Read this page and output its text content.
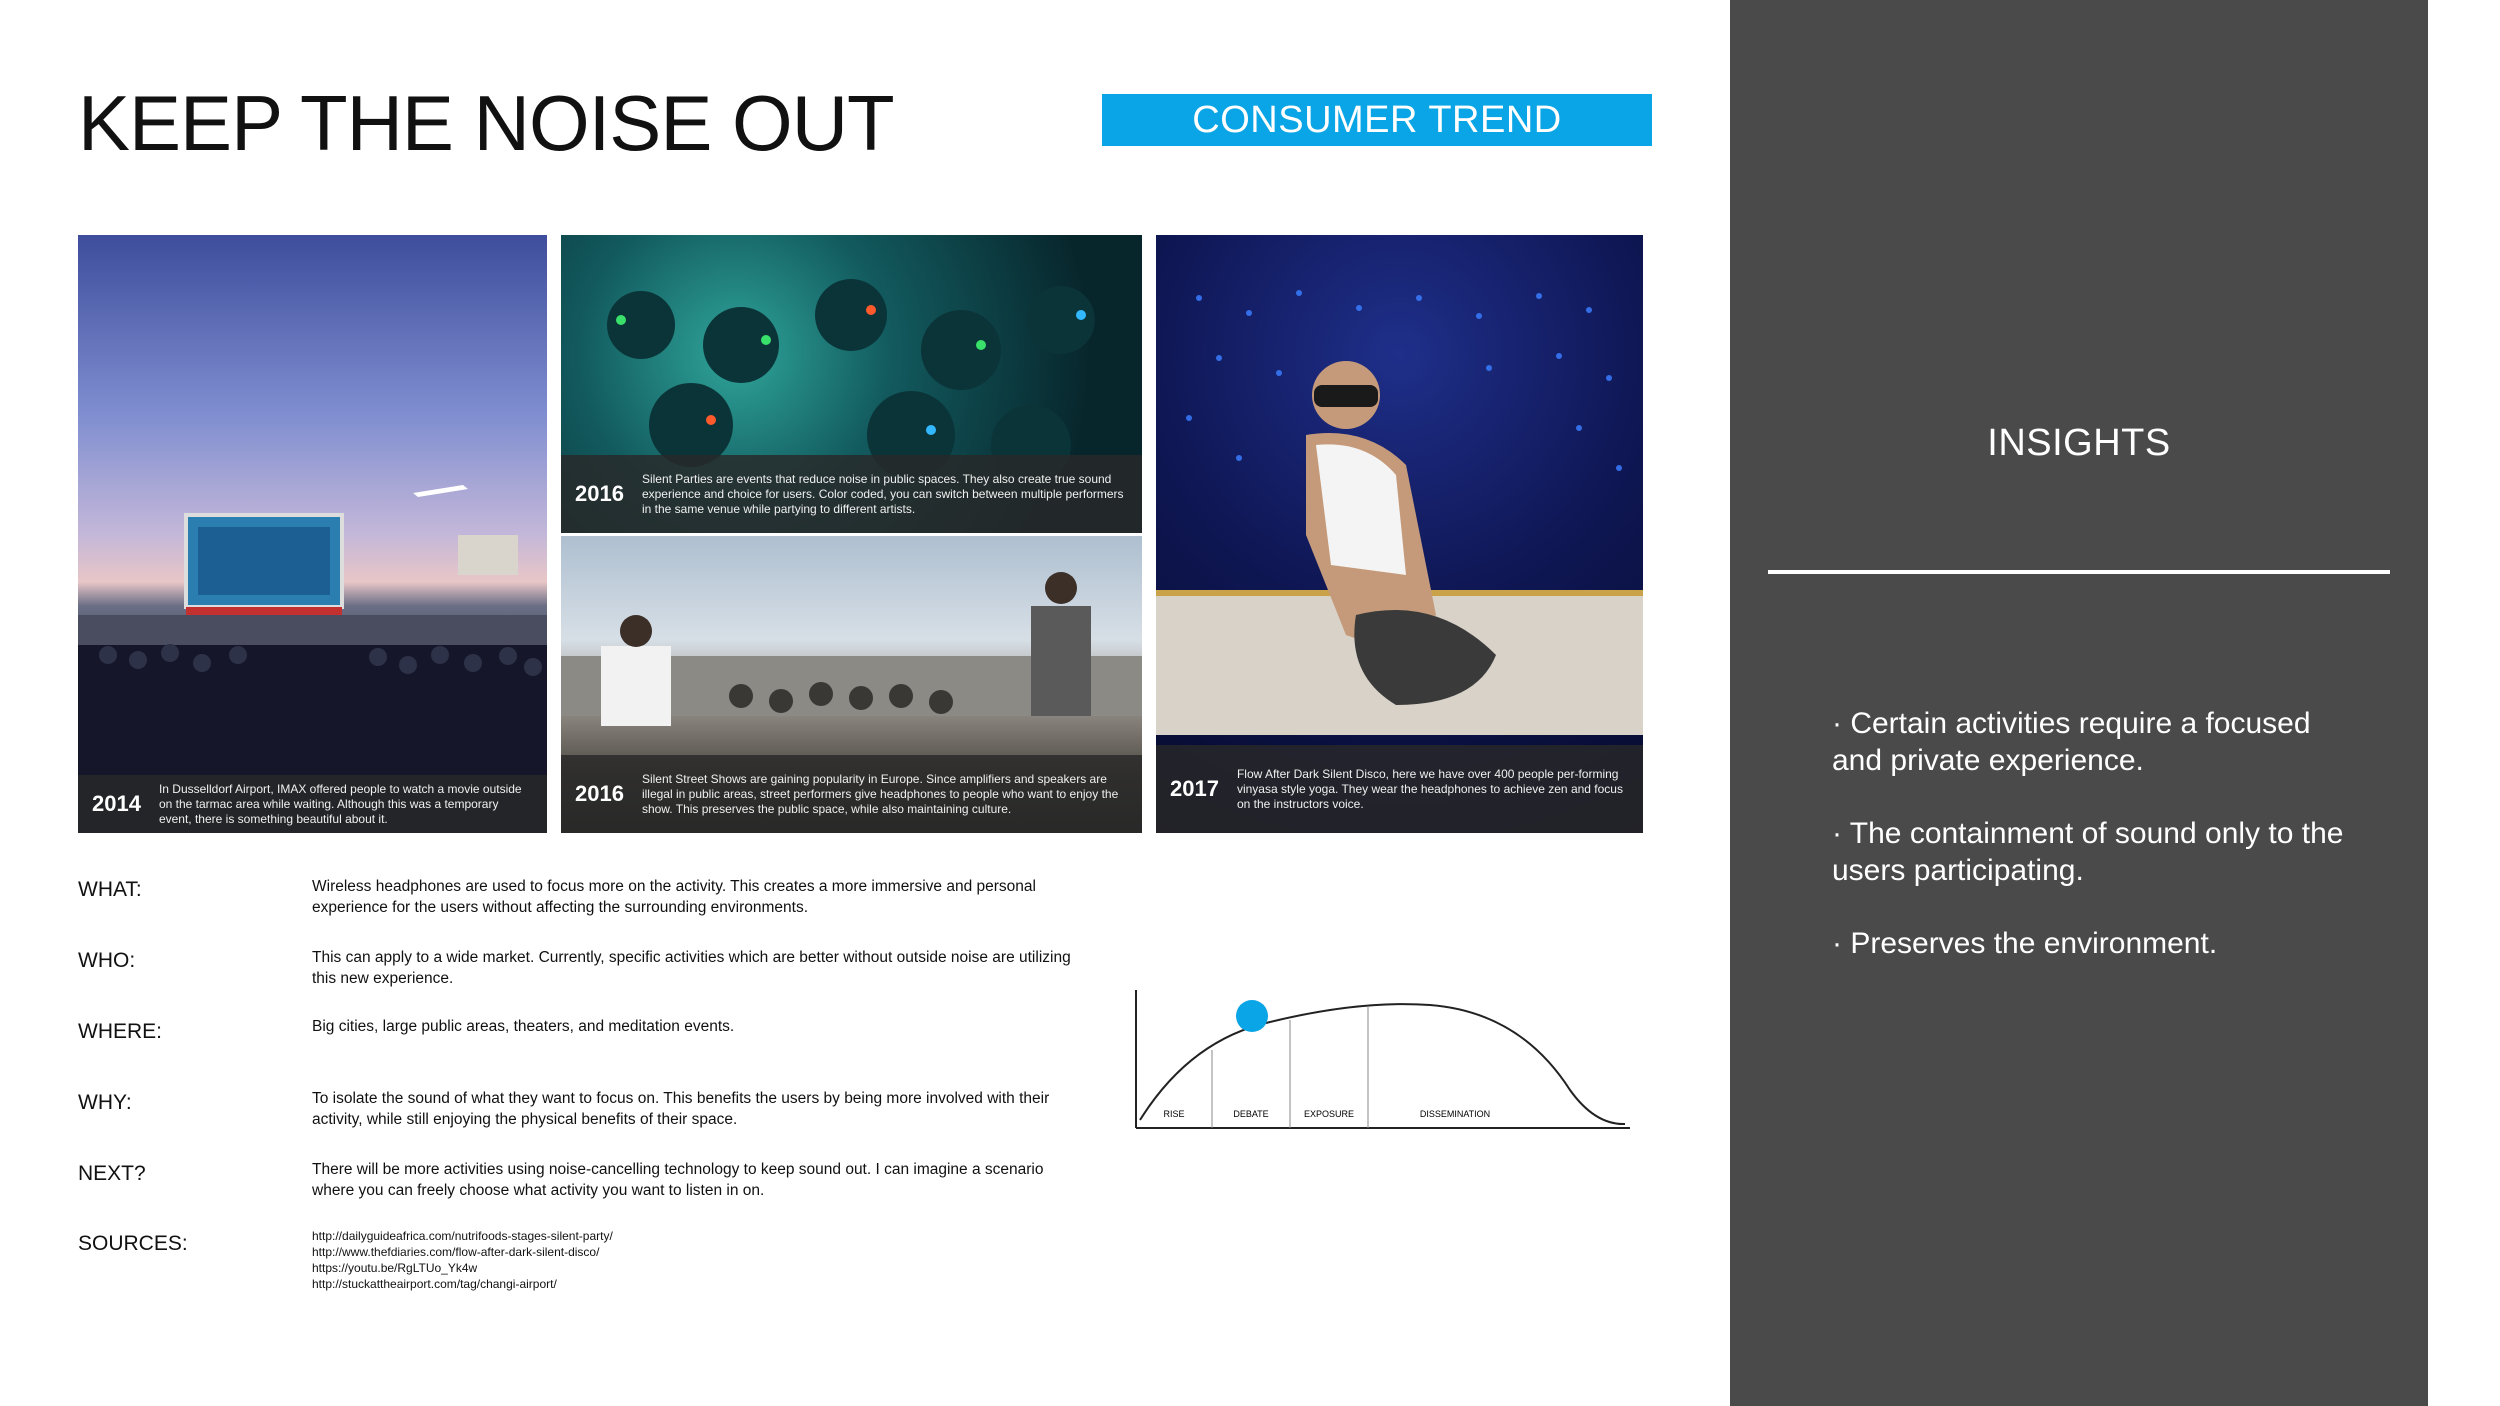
KEEP THE NOISE OUT	CONSUMER TREND
2014
In Dusselldorf Airport, IMAX offered people to watch a movie outside on the tarmac area while waiting. Although this was a temporary event, there is something beautiful about it.
2016
Silent Parties are events that reduce noise in public spaces. They also create true sound experience and choice for users. Color coded, you can switch between multiple performers in the same venue while partying to different artists.
2016
Silent Street Shows are gaining popularity in Europe. Since amplifiers and speakers are illegal in public areas, street performers give headphones to people who want to enjoy the show. This preserves the public space, while also maintaining culture.
2017
Flow After Dark Silent Disco, here we have over 400 people per-forming vinyasa style yoga. They wear the headphones to achieve zen and focus on the instructors voice.
WHAT:	Wireless headphones are used to focus more on the activity. This creates a more immersive and personal experience for the users without affecting the surrounding environments.
WHO:	This can apply to a wide market. Currently, specific activities which are better without outside noise are utilizing this new experience.
WHERE:	Big cities, large public areas, theaters, and meditation events.
WHY:	To isolate the sound of what they want to focus on. This benefits the users by being more involved with their activity, while still enjoying the physical benefits of their space.
NEXT?	There will be more activities using noise-cancelling technology to keep sound out. I can imagine a scenario where you can freely choose what activity you want to listen in on.
SOURCES:	http://dailyguideafrica.com/nutrifoods-stages-silent-party/
http://www.thefdiaries.com/flow-after-dark-silent-disco/
https://youtu.be/RgLTUo_Yk4w
http://stuckattheairport.com/tag/changi-airport/
RISE	DEBATE	EXPOSURE	DISSEMINATION
INSIGHTS
· Certain activities require a focused and private experience.
· The containment of sound only to the users participating.
· Preserves the environment.
